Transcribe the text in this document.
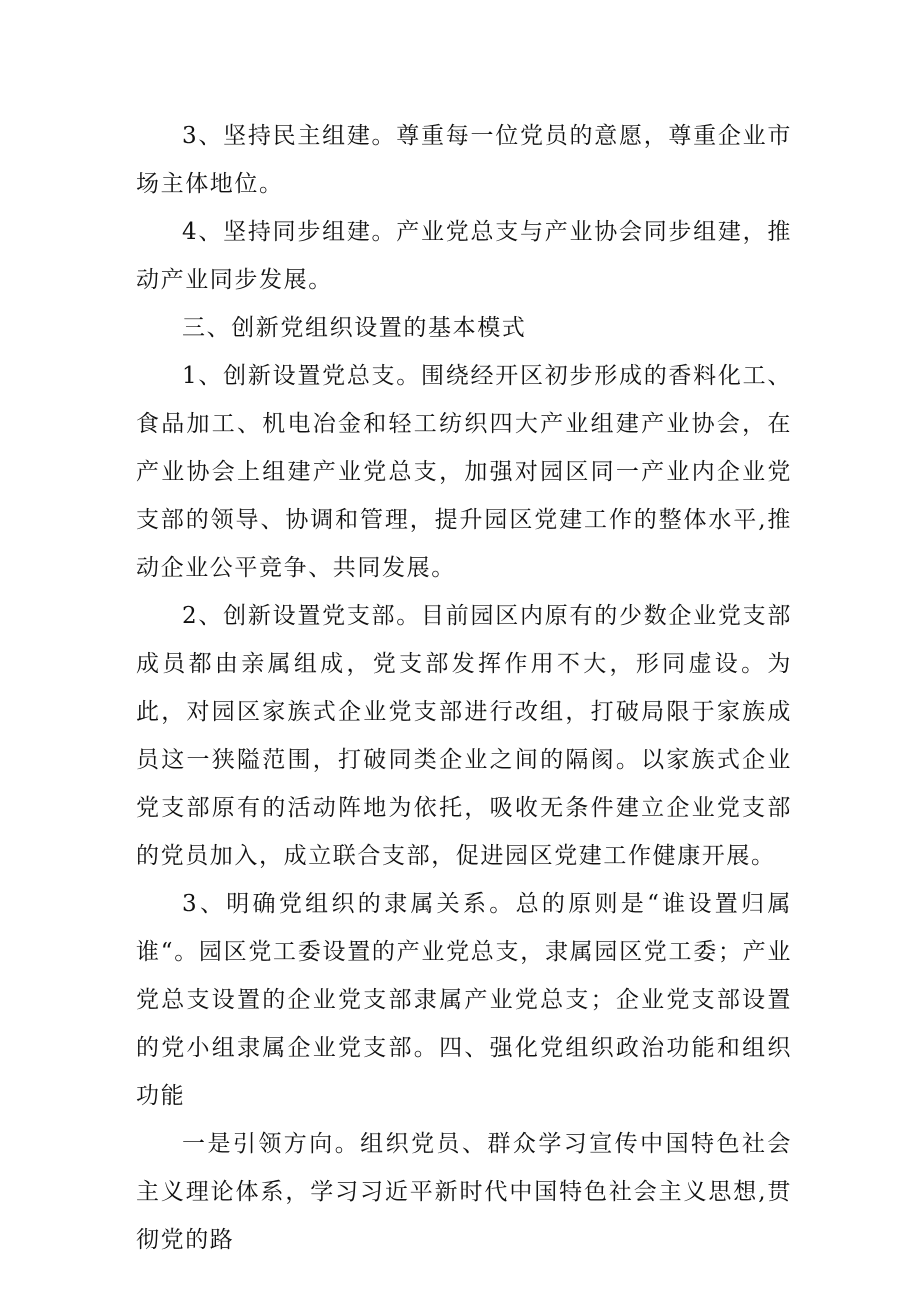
3、坚持民主组建。尊重每一位党员的意愿，尊重企业市场主体地位。

4、坚持同步组建。产业党总支与产业协会同步组建，推动产业同步发展。

三、创新党组织设置的基本模式

1、创新设置党总支。围绕经开区初步形成的香料化工、食品加工、机电冶金和轻工纺织四大产业组建产业协会，在产业协会上组建产业党总支，加强对园区同一产业内企业党支部的领导、协调和管理，提升园区党建工作的整体水平,推动企业公平竞争、共同发展。

2、创新设置党支部。目前园区内原有的少数企业党支部成员都由亲属组成，党支部发挥作用不大，形同虚设。为此，对园区家族式企业党支部进行改组，打破局限于家族成员这一狭隘范围，打破同类企业之间的隔阂。以家族式企业党支部原有的活动阵地为依托，吸收无条件建立企业党支部的党员加入，成立联合支部，促进园区党建工作健康开展。

3、明确党组织的隶属关系。总的原则是“谁设置归属谁“。园区党工委设置的产业党总支，隶属园区党工委；产业党总支设置的企业党支部隶属产业党总支；企业党支部设置的党小组隶属企业党支部。四、强化党组织政治功能和组织功能

一是引领方向。组织党员、群众学习宣传中国特色社会主义理论体系，学习习近平新时代中国特色社会主义思想,贯彻党的路
